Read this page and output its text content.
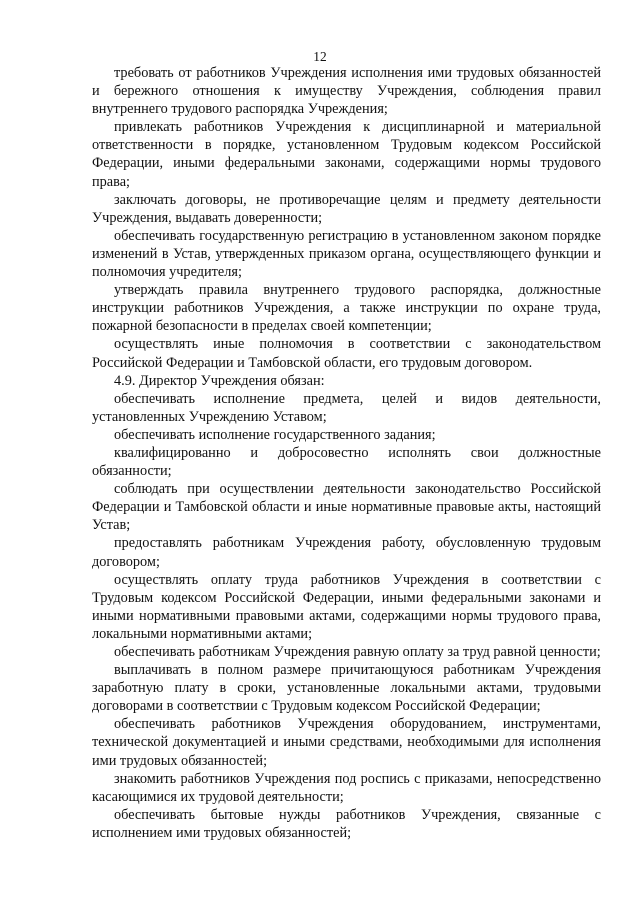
12

требовать от работников Учреждения исполнения ими трудовых обязанностей и бережного отношения к имуществу Учреждения, соблюдения правил внутреннего трудового распорядка Учреждения;

привлекать работников Учреждения к дисциплинарной и материальной ответственности в порядке, установленном Трудовым кодексом Российской Федерации, иными федеральными законами, содержащими нормы трудового права;

заключать договоры, не противоречащие целям и предмету деятельности Учреждения, выдавать доверенности;

обеспечивать государственную регистрацию в установленном законом порядке изменений в Устав, утвержденных приказом органа, осуществляющего функции и полномочия учредителя;

утверждать правила внутреннего трудового распорядка, должностные инструкции работников Учреждения, а также инструкции по охране труда, пожарной безопасности в пределах своей компетенции;

осуществлять иные полномочия в соответствии с законодательством Российской Федерации и Тамбовской области, его трудовым договором.

4.9. Директор Учреждения обязан:

обеспечивать исполнение предмета, целей и видов деятельности, установленных Учреждению Уставом;

обеспечивать исполнение государственного задания;

квалифицированно и добросовестно исполнять свои должностные обязанности;

соблюдать при осуществлении деятельности законодательство Российской Федерации и Тамбовской области и иные нормативные правовые акты, настоящий Устав;

предоставлять работникам Учреждения работу, обусловленную трудовым договором;

осуществлять оплату труда работников Учреждения в соответствии с Трудовым кодексом Российской Федерации, иными федеральными законами и иными нормативными правовыми актами, содержащими нормы трудового права, локальными нормативными актами;

обеспечивать работникам Учреждения равную оплату за труд равной ценности;

выплачивать в полном размере причитающуюся работникам Учреждения заработную плату в сроки, установленные локальными актами, трудовыми договорами в соответствии с Трудовым кодексом Российской Федерации;

обеспечивать работников Учреждения оборудованием, инструментами, технической документацией и иными средствами, необходимыми для исполнения ими трудовых обязанностей;

знакомить работников Учреждения под роспись с приказами, непосредственно касающимися их трудовой деятельности;

обеспечивать бытовые нужды работников Учреждения, связанные с исполнением ими трудовых обязанностей;
